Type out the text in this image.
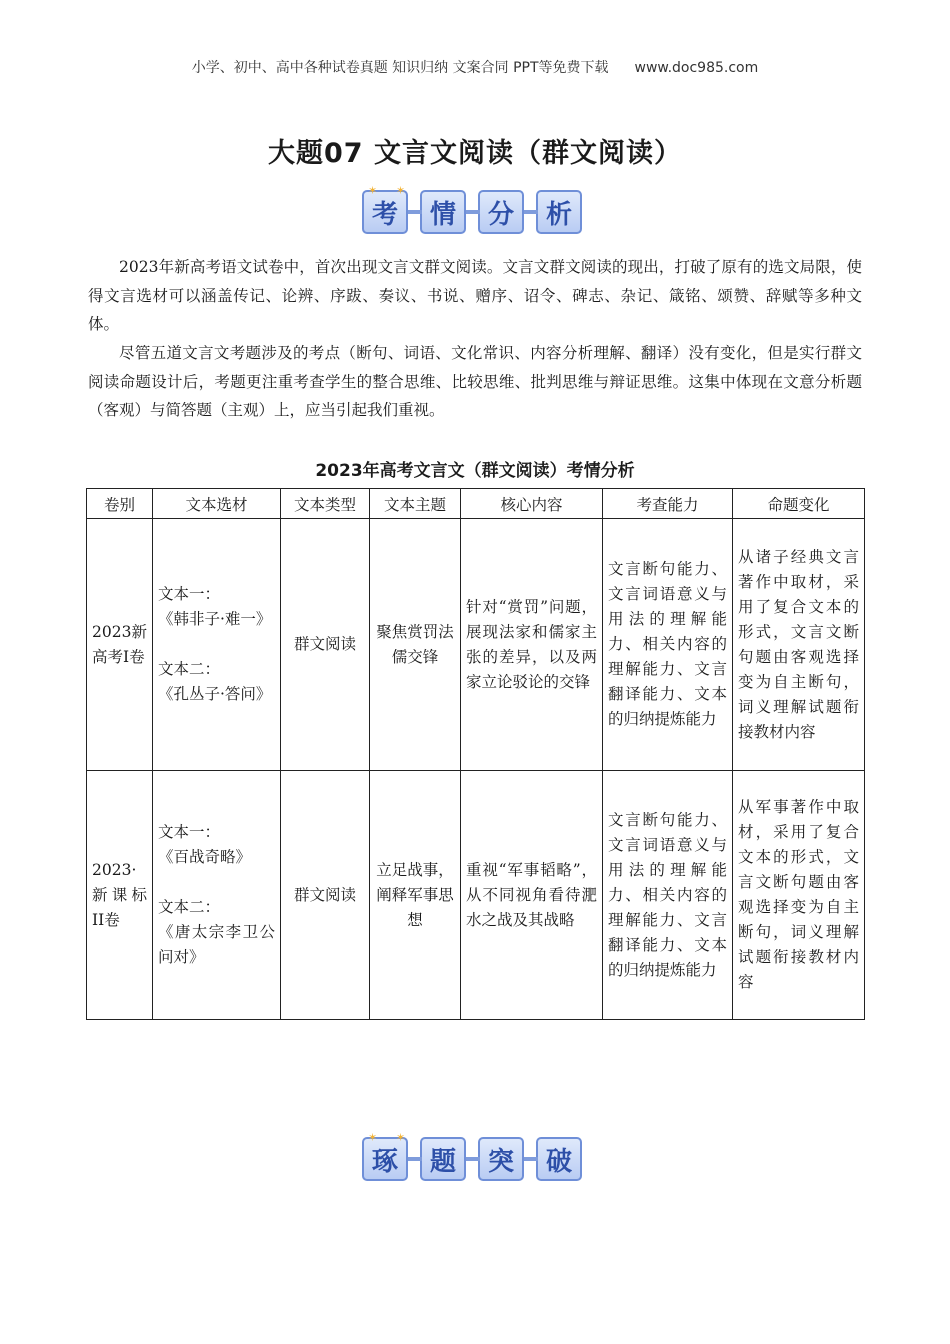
小学、初中、高中各种试卷真题 知识归纳 文案合同 PPT等免费下载 www.doc985.com
大题07 文言文阅读（群文阅读）
考	情	分	析
✶ ✶

2023年新高考语文试卷中，首次出现文言文群文阅读。文言文群文阅读的现出，打破了原有的选文局限，使得文言选材可以涵盖传记、论辨、序跋、奏议、书说、赠序、诏令、碑志、杂记、箴铭、颂赞、辞赋等多种文体。

尽管五道文言文考题涉及的考点（断句、词语、文化常识、内容分析理解、翻译）没有变化，但是实行群文阅读命题设计后，考题更注重考查学生的整合思维、比较思维、批判思维与辩证思维。这集中体现在文意分析题（客观）与简答题（主观）上，应当引起我们重视。

2023年高考文言文（群文阅读）考情分析
卷别	文本选材	文本类型	文本主题	核心内容	考查能力	命题变化
2023新高考I卷	文本一：
《韩非子·难一》
文本二：
《孔丛子·答问》	群文阅读	聚焦赏罚法儒交锋	针对“赏罚”问题，展现法家和儒家主张的差异，以及两家立论驳论的交锋	文言断句能力、文言词语意义与用法的理解能力、相关内容的理解能力、文言翻译能力、文本的归纳提炼能力	从诸子经典文言著作中取材，采用了复合文本的形式，文言文断句题由客观选择变为自主断句，词义理解试题衔接教材内容
2023·新课标II卷	文本一：
《百战奇略》
文本二：
《唐太宗李卫公问对》	群文阅读	立足战事，阐释军事思想	重视“军事韬略”，从不同视角看待淝水之战及其战略	文言断句能力、文言词语意义与用法的理解能力、相关内容的理解能力、文言翻译能力、文本的归纳提炼能力	从军事著作中取材，采用了复合文本的形式，文言文断句题由客观选择变为自主断句，词义理解试题衔接教材内容
琢	题	突	破
✶ ✶
